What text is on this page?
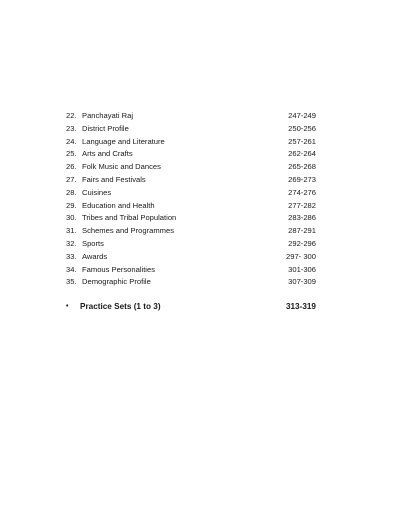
22. Panchayati Raj	247-249
23. District Profile	250-256
24. Language and Literature	257-261
25. Arts and Crafts	262-264
26. Folk Music and Dances	265-268
27. Fairs and Festivals	269-273
28. Cuisines	274-276
29. Education and Health	277-282
30. Tribes and Tribal Population	283-286
31. Schemes and Programmes	287-291
32. Sports	292-296
33. Awards	297- 300
34. Famous Personalities	301-306
35. Demographic Profile	307-309
•	Practice Sets (1 to 3)	313-319
